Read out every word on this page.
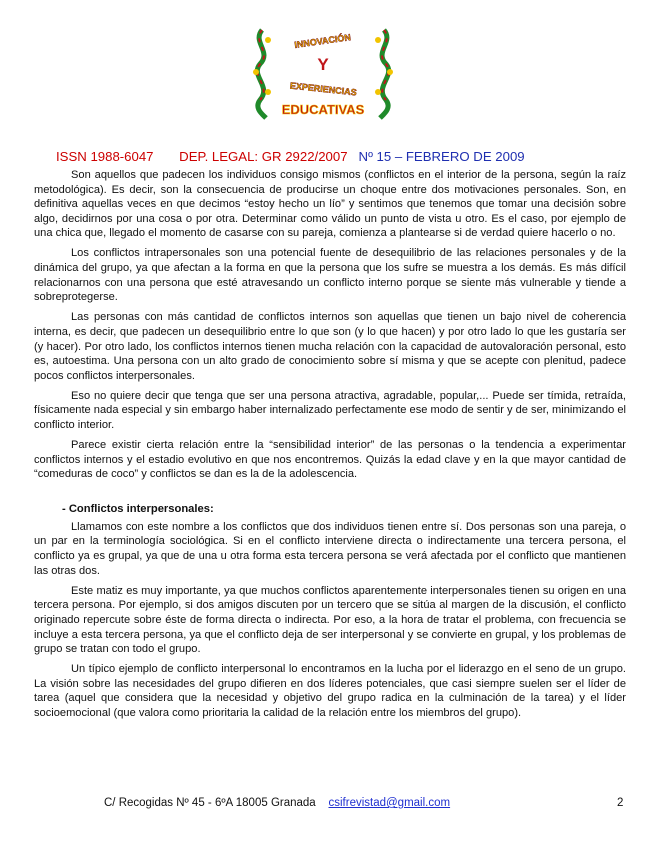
INNOVACIÓN
Y
EXPERIENCIAS
EDUCATIVAS
ISSN 1988-6047 DEP. LEGAL: GR 2922/2007 Nº 15 – FEBRERO DE 2009

Son aquellos que padecen los individuos consigo mismos (conflictos en el interior de la persona, según la raíz metodológica). Es decir, son la consecuencia de producirse un choque entre dos motivaciones personales. Son, en definitiva aquellas veces en que decimos “estoy hecho un lío” y sentimos que tenemos que tomar una decisión sobre algo, decidirnos por una cosa o por otra. Determinar como válido un punto de vista u otro. Es el caso, por ejemplo de una chica que, llegado el momento de casarse con su pareja, comienza a plantearse si de verdad quiere hacerlo o no.

Los conflictos intrapersonales son una potencial fuente de desequilibrio de las relaciones personales y de la dinámica del grupo, ya que afectan a la forma en que la persona que los sufre se muestra a los demás. Es más difícil relacionarnos con una persona que esté atravesando un conflicto interno porque se siente más vulnerable y tiende a sobreprotegerse.

Las personas con más cantidad de conflictos internos son aquellas que tienen un bajo nivel de coherencia interna, es decir, que padecen un desequilibrio entre lo que son (y lo que hacen) y por otro lado lo que les gustaría ser (y hacer). Por otro lado, los conflictos internos tienen mucha relación con la capacidad de autovaloración personal, esto es, autoestima. Una persona con un alto grado de conocimiento sobre sí misma y que se acepte con plenitud, padece pocos conflictos interpersonales.

Eso no quiere decir que tenga que ser una persona atractiva, agradable, popular,... Puede ser tímida, retraída, físicamente nada especial y sin embargo haber internalizado perfectamente ese modo de sentir y de ser, minimizando el conflicto interior.

Parece existir cierta relación entre la “sensibilidad interior” de las personas o la tendencia a experimentar conflictos internos y el estadio evolutivo en que nos encontremos. Quizás la edad clave y en la que mayor cantidad de “comeduras de coco” y conflictos se dan es la de la adolescencia.

- Conflictos interpersonales:

Llamamos con este nombre a los conflictos que dos individuos tienen entre sí. Dos personas son una pareja, o un par en la terminología sociológica. Si en el conflicto interviene directa o indirectamente una tercera persona, el conflicto ya es grupal, ya que de una u otra forma esta tercera persona se verá afectada por el conflicto que mantienen las otras dos.

Este matiz es muy importante, ya que muchos conflictos aparentemente interpersonales tienen su origen en una tercera persona. Por ejemplo, si dos amigos discuten por un tercero que se sitúa al margen de la discusión, el conflicto originado repercute sobre éste de forma directa o indirecta. Por eso, a la hora de tratar el problema, con frecuencia se incluye a esta tercera persona, ya que el conflicto deja de ser interpersonal y se convierte en grupal, y los problemas de grupo se tratan con todo el grupo.

Un típico ejemplo de conflicto interpersonal lo encontramos en la lucha por el liderazgo en el seno de un grupo. La visión sobre las necesidades del grupo difieren en dos líderes potenciales, que casi siempre suelen ser el líder de tarea (aquel que considera que la necesidad y objetivo del grupo radica en la culminación de la tarea) y el líder socioemocional (que valora como prioritaria la calidad de la relación entre los miembros del grupo).

C/ Recogidas Nº 45 - 6ºA 18005 Granada csifrevistad@gmail.com	2
